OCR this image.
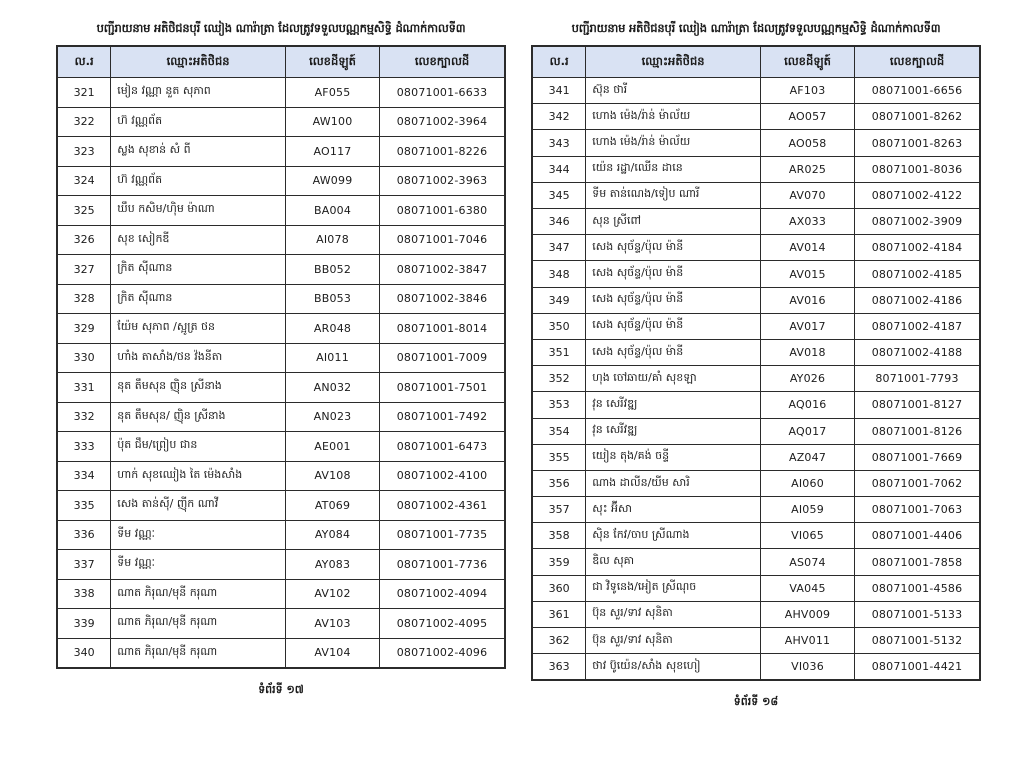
បញ្ជីរាយនាម អតិថិជនបុរី ឈៀង ណារ៉ាត្រា ដែលត្រូវទទួលបណ្ណកម្មសិទ្ធិ ដំណាក់កាលទី៣
ល.រ	ឈ្មោះអតិថិជន	លេខដីឡូត៍	លេខក្បាលដី
321	មៀន វណ្ណា នួត សុភាព	AF055	08071001-6633
322	ហ៊ វណ្ណព័ត	AW100	08071002-3964
323	ស្លង សុខាន់ សំ ពី	AO117	08071001-8226
324	ហ៊ វណ្ណព័ត	AW099	08071002-3963
325	ឃឹប កសិម/ហ៊ិម ម៉ាណា	BA004	08071001-6380
326	សុខ សៀកឌី	AI078	08071001-7046
327	ក្រិត ស៊ីណាន	BB052	08071002-3847
328	ក្រិត ស៊ីណាន	BB053	08071002-3846
329	យ៉ែម សុភាព /ស្អូត្រ ថន	AR048	08071001-8014
330	ហាំង តាសាំង/ថន វ៉ងនីតា	AI011	08071001-7009
331	នុត តឹមសុន ញ៉ិន ស្រីនាង	AN032	08071001-7501
332	នុត តឹមសុន/ ញ៉ិន ស្រីនាង	AN023	08071001-7492
333	ប៉ុត ជឹម/ព្រៀប ជាន	AE001	08071001-6473
334	ហាក់ សុខឈៀង តៃ ម៉េងសាំង	AV108	08071002-4100
335	សេង តាន់ស៊ី/ ញ៉ីក ណាវី	AT069	08071002-4361
336	ទីម វណ្ណៈ	AY084	08071001-7735
337	ទីម វណ្ណៈ	AY083	08071001-7736
338	ណាត ភិរុណ/មុនី ករុណា	AV102	08071002-4094
339	ណាត ភិរុណ/មុនី ករុណា	AV103	08071002-4095
340	ណាត ភិរុណ/មុនី ករុណា	AV104	08071002-4096
ទំព័រទី ១៧
បញ្ជីរាយនាម អតិថិជនបុរី ឈៀង ណារ៉ាត្រា ដែលត្រូវទទួលបណ្ណកម្មសិទ្ធិ ដំណាក់កាលទី៣
ល.រ	ឈ្មោះអតិថិជន	លេខដីឡូត៍	លេខក្បាលដី
341	ស៊ុន ថារី	AF103	08071001-6656
342	ហោង ម៉េង/រ៉ាន់ ម៉ាល័យ	AO057	08071001-8262
343	ហោង ម៉េង/រ៉ាន់ ម៉ាល័យ	AO058	08071001-8263
344	យ៉េន រដ្ឋា/ឈើន ដានេ	AR025	08071001-8036
345	ទីម តាន់ណេង/ទៀប ណារី	AV070	08071002-4122
346	សុន ស្រីពៅ	AX033	08071002-3909
347	សេង សុច័ន្ទ/ប៉ុល ម៉ានី	AV014	08071002-4184
348	សេង សុច័ន្ទ/ប៉ុល ម៉ានី	AV015	08071002-4185
349	សេង សុច័ន្ទ/ប៉ុល ម៉ានី	AV016	08071002-4186
350	សេង សុច័ន្ទ/ប៉ុល ម៉ានី	AV017	08071002-4187
351	សេង សុច័ន្ទ/ប៉ុល ម៉ានី	AV018	08071002-4188
352	ហុង ចៅឆាយ/គាំ សុខឡា	AY026	8071001-7793
353	វុន សេរីវឌ្ឍ	AQ016	08071001-8127
354	វុន សេរីវឌ្ឍ	AQ017	08071001-8126
355	យៀន តុង/គង់ ចន្ទី	AZ047	08071001-7669
356	ណាង ដាលីន/យីម សារិ	AI060	08071001-7062
357	សុះ អ៊ីសា	AI059	08071001-7063
358	ស៊ិន កែវ/ចាប ស្រីណាង	VI065	08071001-4406
359	ឌិល សុគា	AS074	08071001-7858
360	ជា វិទូនេង/អៀត ស្រីណុច	VA045	08071001-4586
361	ប៊ុន សួរ/ទាវ សុនិតា	AHV009	08071001-5133
362	ប៊ុន សួរ/ទាវ សុនិតា	AHV011	08071001-5132
363	ថាវ ប៊ូយ៉េន/សាំង សុខហៀ	VI036	08071001-4421
ទំព័រទី ១៨
